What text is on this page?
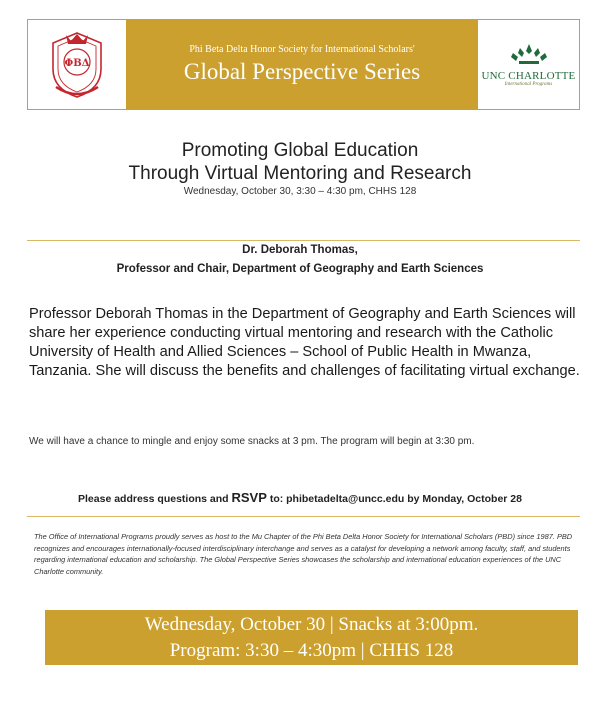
ΦΒΔ
Phi Beta Delta Honor Society for International Scholars'
Global Perspective Series	UNC CHARLOTTE
International Programs
Promoting Global Education
Through Virtual Mentoring and Research
Wednesday, October 30, 3:30 – 4:30 pm, CHHS 128
Dr. Deborah Thomas,
Professor and Chair, Department of Geography and Earth Sciences
Professor Deborah Thomas in the Department of Geography and Earth Sciences will share her experience conducting virtual mentoring and research with the Catholic University of Health and Allied Sciences – School of Public Health in Mwanza, Tanzania. She will discuss the benefits and challenges of facilitating virtual exchange.
We will have a chance to mingle and enjoy some snacks at 3 pm. The program will begin at 3:30 pm.
Please address questions and RSVP to: phibetadelta@uncc.edu by Monday, October 28
The Office of International Programs proudly serves as host to the Mu Chapter of the Phi Beta Delta Honor Society for International Scholars (PBD) since 1987. PBD recognizes and encourages internationally-focused interdisciplinary interchange and serves as a catalyst for developing a network among faculty, staff, and students regarding international education and scholarship. The Global Perspective Series showcases the scholarship and international education experiences of the UNC Charlotte community.
Wednesday, October 30 | Snacks at 3:00pm.
Program: 3:30 – 4:30pm | CHHS 128
